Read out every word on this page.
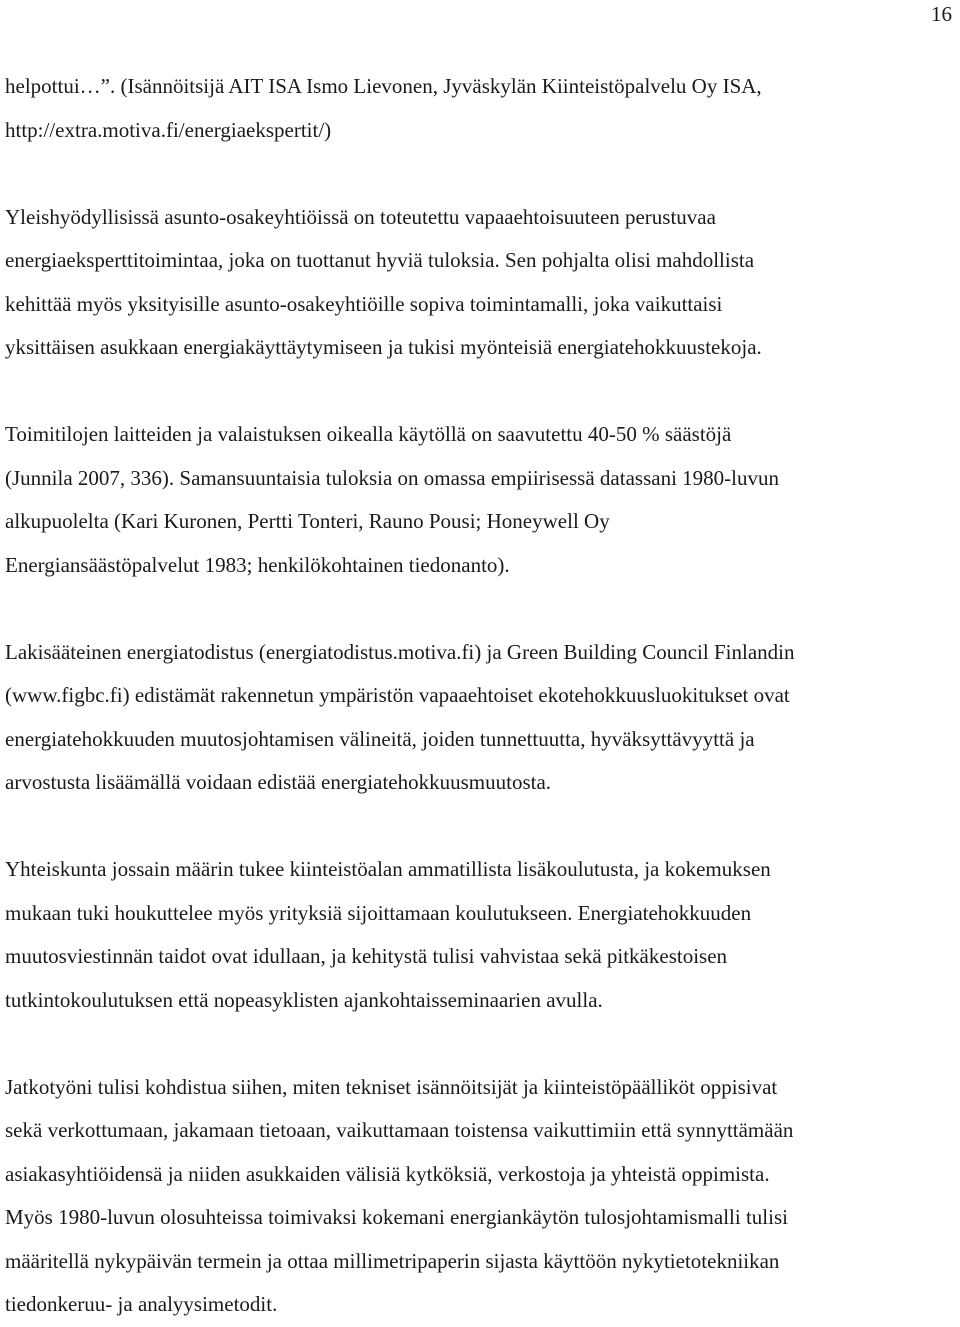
16

helpottui…”. (Isännöitsijä AIT ISA Ismo Lievonen, Jyväskylän Kiinteistöpalvelu Oy ISA,
http://extra.motiva.fi/energiaekspertit/)

Yleishyödyllisissä asunto-osakeyhtiöissä on toteutettu vapaaehtoisuuteen perustuvaa
energiaeksperttitoimintaa, joka on tuottanut hyviä tuloksia. Sen pohjalta olisi mahdollista
kehittää myös yksityisille asunto-osakeyhtiöille sopiva toimintamalli, joka vaikuttaisi
yksittäisen asukkaan energiakäyttäytymiseen ja tukisi myönteisiä energiatehokkuustekoja.

Toimitilojen laitteiden ja valaistuksen oikealla käytöllä on saavutettu 40-50 % säästöjä
(Junnila 2007, 336). Samansuuntaisia tuloksia on omassa empiirisessä datassani 1980-luvun
alkupuolelta (Kari Kuronen, Pertti Tonteri, Rauno Pousi; Honeywell Oy
Energiansäästöpalvelut 1983; henkilökohtainen tiedonanto).

Lakisääteinen energiatodistus (energiatodistus.motiva.fi) ja Green Building Council Finlandin
(www.figbc.fi) edistämät rakennetun ympäristön vapaaehtoiset ekotehokkuusluokitukset ovat
energiatehokkuuden muutosjohtamisen välineitä, joiden tunnettuutta, hyväksyttävyyttä ja
arvostusta lisäämällä voidaan edistää energiatehokkuusmuutosta.

Yhteiskunta jossain määrin tukee kiinteistöalan ammatillista lisäkoulutusta, ja kokemuksen
mukaan tuki houkuttelee myös yrityksiä sijoittamaan koulutukseen. Energiatehokkuuden
muutosviestinnän taidot ovat idullaan, ja kehitystä tulisi vahvistaa sekä pitkäkestoisen
tutkintokoulutuksen että nopeasyklisten ajankohtaisseminaarien avulla.

Jatkotyöni tulisi kohdistua siihen, miten tekniset isännöitsijät ja kiinteistöpäälliköt oppisivat
sekä verkottumaan, jakamaan tietoaan, vaikuttamaan toistensa vaikuttimiin että synnyttämään
asiakasyhtiöidensä ja niiden asukkaiden välisiä kytköksiä, verkostoja ja yhteistä oppimista.
Myös 1980-luvun olosuhteissa toimivaksi kokemani energiankäytön tulosjohtamismalli tulisi
määritellä nykypäivän termein ja ottaa millimetripaperin sijasta käyttöön nykytietotekniikan
tiedonkeruu- ja analyysimetodit.
